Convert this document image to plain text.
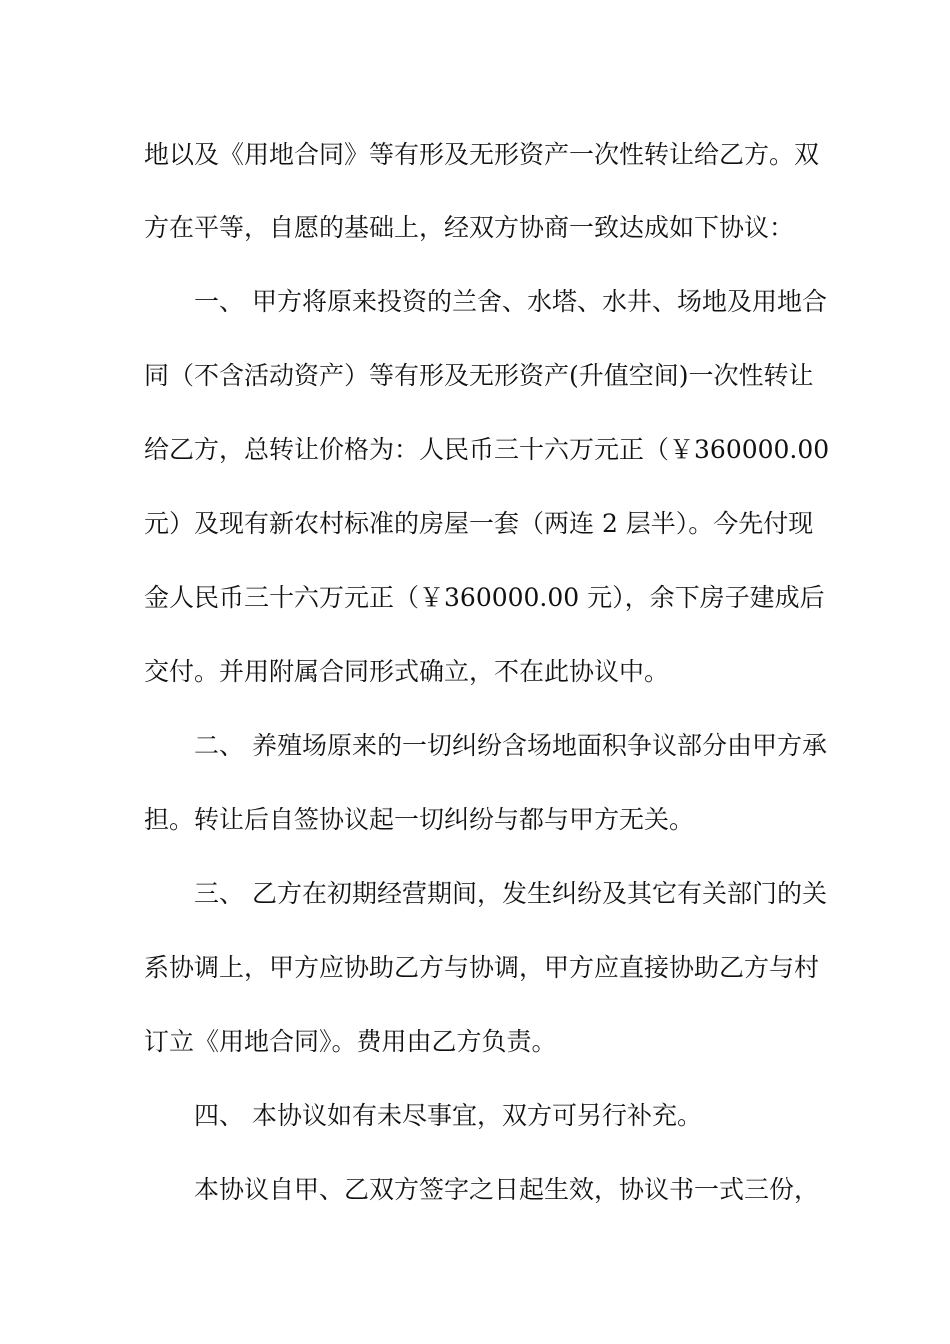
地以及《用地合同》等有形及无形资产一次性转让给乙方。双
方在平等，自愿的基础上，经双方协商一致达成如下协议：
一、 甲方将原来投资的兰舍、水塔、水井、场地及用地合
同（不含活动资产）等有形及无形资产(升值空间)一次性转让
给乙方，总转让价格为：人民币三十六万元正（￥360000.00
元）及现有新农村标准的房屋一套（两连 2 层半）。今先付现
金人民币三十六万元正（￥360000.00 元），余下房子建成后
交付。并用附属合同形式确立，不在此协议中。
二、 养殖场原来的一切纠纷含场地面积争议部分由甲方承
担。转让后自签协议起一切纠纷与都与甲方无关。
三、 乙方在初期经营期间，发生纠纷及其它有关部门的关
系协调上，甲方应协助乙方与协调，甲方应直接协助乙方与村
订立《用地合同》。费用由乙方负责。
四、 本协议如有未尽事宜，双方可另行补充。
本协议自甲、乙双方签字之日起生效，协议书一式三份，
